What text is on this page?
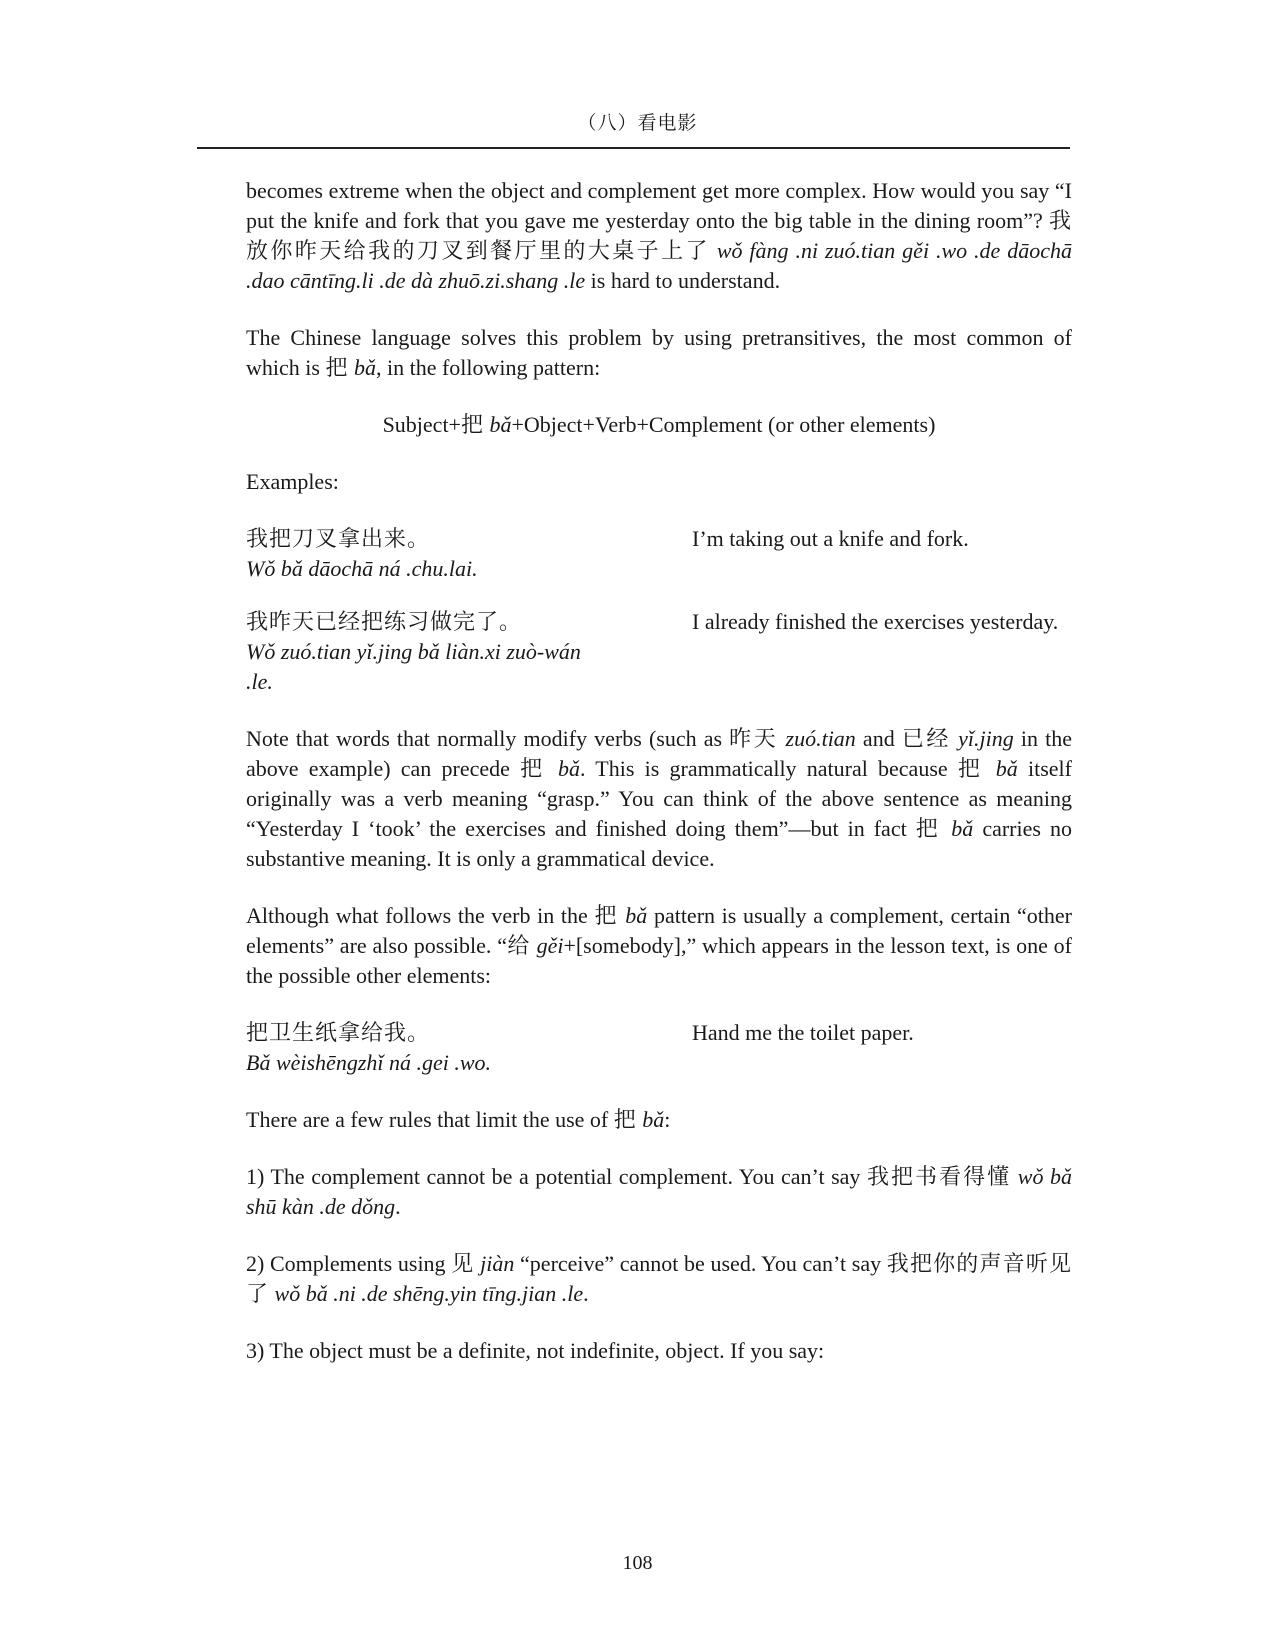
（八）看电影

becomes extreme when the object and complement get more complex. How would you say “I put the knife and fork that you gave me yesterday onto the big table in the dining room”? 我放你昨天给我的刀叉到餐厅里的大桌子上了 wǒ fàng .ni zuó.tian gěi .wo .de dāochā .dao cāntīng.li .de dà zhuō.zi.shang .le is hard to understand.

The Chinese language solves this problem by using pretransitives, the most common of which is 把 bǎ, in the following pattern:

Subject+把 bǎ+Object+Verb+Complement (or other elements)

Examples:

我把刀叉拿出来。

Wǒ bǎ dāochā ná .chu.lai.

I’m taking out a knife and fork.

我昨天已经把练习做完了。

Wǒ zuó.tian yǐ.jing bǎ liàn.xi zuò-wán .le.

I already finished the exercises yesterday.

Note that words that normally modify verbs (such as 昨天 zuó.tian and 已经 yǐ.jing in the above example) can precede 把 bǎ. This is grammatically natural because 把 bǎ itself originally was a verb meaning “grasp.” You can think of the above sentence as meaning “Yesterday I ‘took’ the exercises and finished doing them”—but in fact 把 bǎ carries no substantive meaning. It is only a grammatical device.

Although what follows the verb in the 把 bǎ pattern is usually a complement, certain “other elements” are also possible. “给 gěi+[somebody],” which appears in the lesson text, is one of the possible other elements:

把卫生纸拿给我。

Bǎ wèishēngzhǐ ná .gei .wo.

Hand me the toilet paper.

There are a few rules that limit the use of 把 bǎ:

1) The complement cannot be a potential complement. You can’t say 我把书看得懂 wǒ bǎ shū kàn .de dǒng.

2) Complements using 见 jiàn “perceive” cannot be used. You can’t say 我把你的声音听见了 wǒ bǎ .ni .de shēng.yin tīng.jian .le.

3) The object must be a definite, not indefinite, object. If you say:

108
